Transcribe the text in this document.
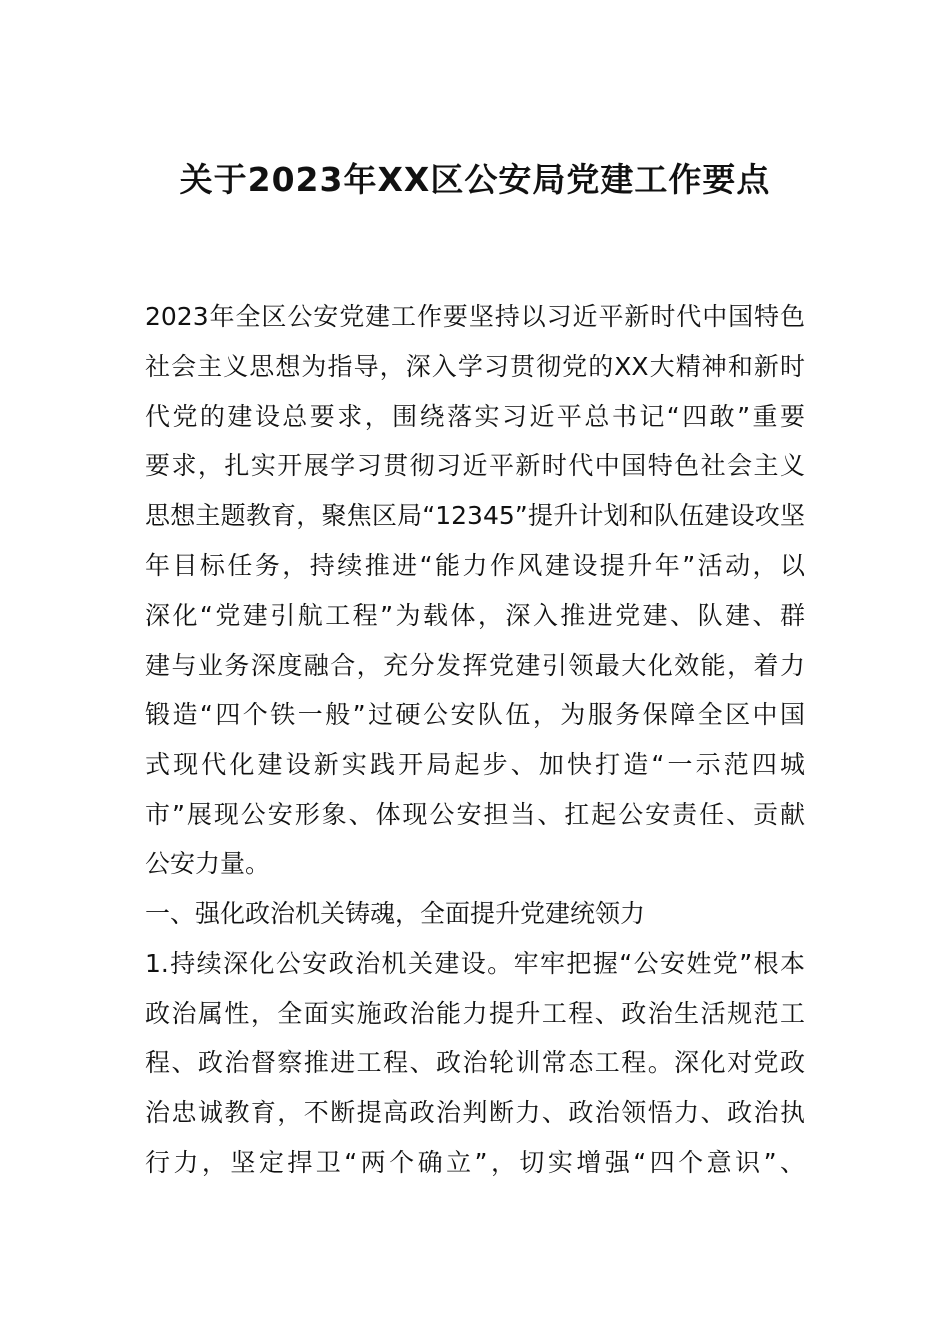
关于2023年XX区公安局党建工作要点
2023年全区公安党建工作要坚持以习近平新时代中国特色
社会主义思想为指导，深入学习贯彻党的XX大精神和新时
代党的建设总要求，围绕落实习近平总书记“四敢”重要
要求，扎实开展学习贯彻习近平新时代中国特色社会主义
思想主题教育，聚焦区局“12345”提升计划和队伍建设攻坚
年目标任务，持续推进“能力作风建设提升年”活动，以
深化“党建引航工程”为载体，深入推进党建、队建、群
建与业务深度融合，充分发挥党建引领最大化效能，着力
锻造“四个铁一般”过硬公安队伍，为服务保障全区中国
式现代化建设新实践开局起步、加快打造“一示范四城
市”展现公安形象、体现公安担当、扛起公安责任、贡献
公安力量。
一、强化政治机关铸魂，全面提升党建统领力
1.持续深化公安政治机关建设。牢牢把握“公安姓党”根本
政治属性，全面实施政治能力提升工程、政治生活规范工
程、政治督察推进工程、政治轮训常态工程。深化对党政
治忠诚教育，不断提高政治判断力、政治领悟力、政治执
行力，坚定捍卫“两个确立”，切实增强“四个意识”、
